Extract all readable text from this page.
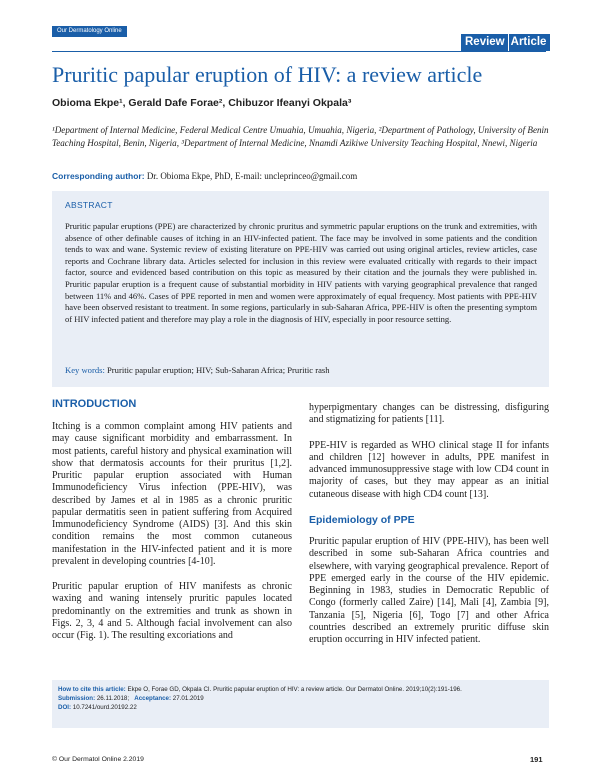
Our Dermatology Online
Review Article
Pruritic papular eruption of HIV: a review article
Obioma Ekpe¹, Gerald Dafe Forae², Chibuzor Ifeanyi Okpala³
¹Department of Internal Medicine, Federal Medical Centre Umuahia, Umuahia, Nigeria, ²Department of Pathology, University of Benin Teaching Hospital, Benin, Nigeria, ³Department of Internal Medicine, Nnamdi Azikiwe University Teaching Hospital, Nnewi, Nigeria
Corresponding author: Dr. Obioma Ekpe, PhD, E-mail: uncleprinceo@gmail.com
ABSTRACT
Pruritic papular eruptions (PPE) are characterized by chronic pruritus and symmetric papular eruptions on the trunk and extremities, with absence of other definable causes of itching in an HIV-infected patient. The face may be involved in some patients and the condition tends to wax and wane. Systemic review of existing literature on PPE-HIV was carried out using original articles, review articles, case reports and Cochrane library data. Articles selected for inclusion in this review were evaluated critically with regards to their impact factor, source and evidenced based contribution on this topic as measured by their citation and the journals they were published in. Pruritic papular eruption is a frequent cause of substantial morbidity in HIV patients with varying geographical prevalence that ranged between 11% and 46%. Cases of PPE reported in men and women were approximately of equal frequency. Most patients with PPE-HIV have been observed resistant to treatment. In some regions, particularly in sub-Saharan Africa, PPE-HIV is often the presenting symptom of HIV infected patient and therefore may play a role in the diagnosis of HIV, especially in poor resource setting.
Key words: Pruritic papular eruption; HIV; Sub-Saharan Africa; Pruritic rash
INTRODUCTION

Itching is a common complaint among HIV patients and may cause significant morbidity and embarrassment. In most patients, careful history and physical examination will show that dermatosis accounts for their pruritus [1,2]. Pruritic papular eruption associated with Human Immunodeficiency Virus infection (PPE-HIV), was described by James et al in 1985 as a chronic pruritic papular dermatitis seen in patient suffering from Acquired Immunodeficiency Syndrome (AIDS) [3]. And this skin condition remains the most common cutaneous manifestation in the HIV-infected patient and it is more prevalent in developing countries [4-10].

Pruritic papular eruption of HIV manifests as chronic waxing and waning intensely pruritic papules located predominantly on the extremities and trunk as shown in Figs. 2, 3, 4 and 5. Although facial involvement can also occur (Fig. 1). The resulting excoriations and

hyperpigmentary changes can be distressing, disfiguring and stigmatizing for patients [11].

PPE-HIV is regarded as WHO clinical stage II for infants and children [12] however in adults, PPE manifest in advanced immunosuppressive stage with low CD4 count in majority of cases, but they may appear as an initial cutaneous disease with high CD4 count [13].

Epidemiology of PPE

Pruritic papular eruption of HIV (PPE-HIV), has been well described in some sub-Saharan Africa countries and elsewhere, with varying geographical prevalence. Report of PPE emerged early in the course of the HIV epidemic. Beginning in 1983, studies in Democratic Republic of Congo (formerly called Zaire) [14], Mali [4], Zambia [9], Tanzania [5], Nigeria [6], Togo [7] and other Africa countries described an extremely pruritic diffuse skin eruption occurring in HIV infected patient.

How to cite this article: Ekpe O, Forae GD, Okpala CI. Pruritic papular eruption of HIV: a review article. Our Dermatol Online. 2019;10(2):191-196.
Submission: 26.11.2018; Acceptance: 27.01.2019
DOI: 10.7241/ourd.20192.22
© Our Dermatol Online 2.2019	191
